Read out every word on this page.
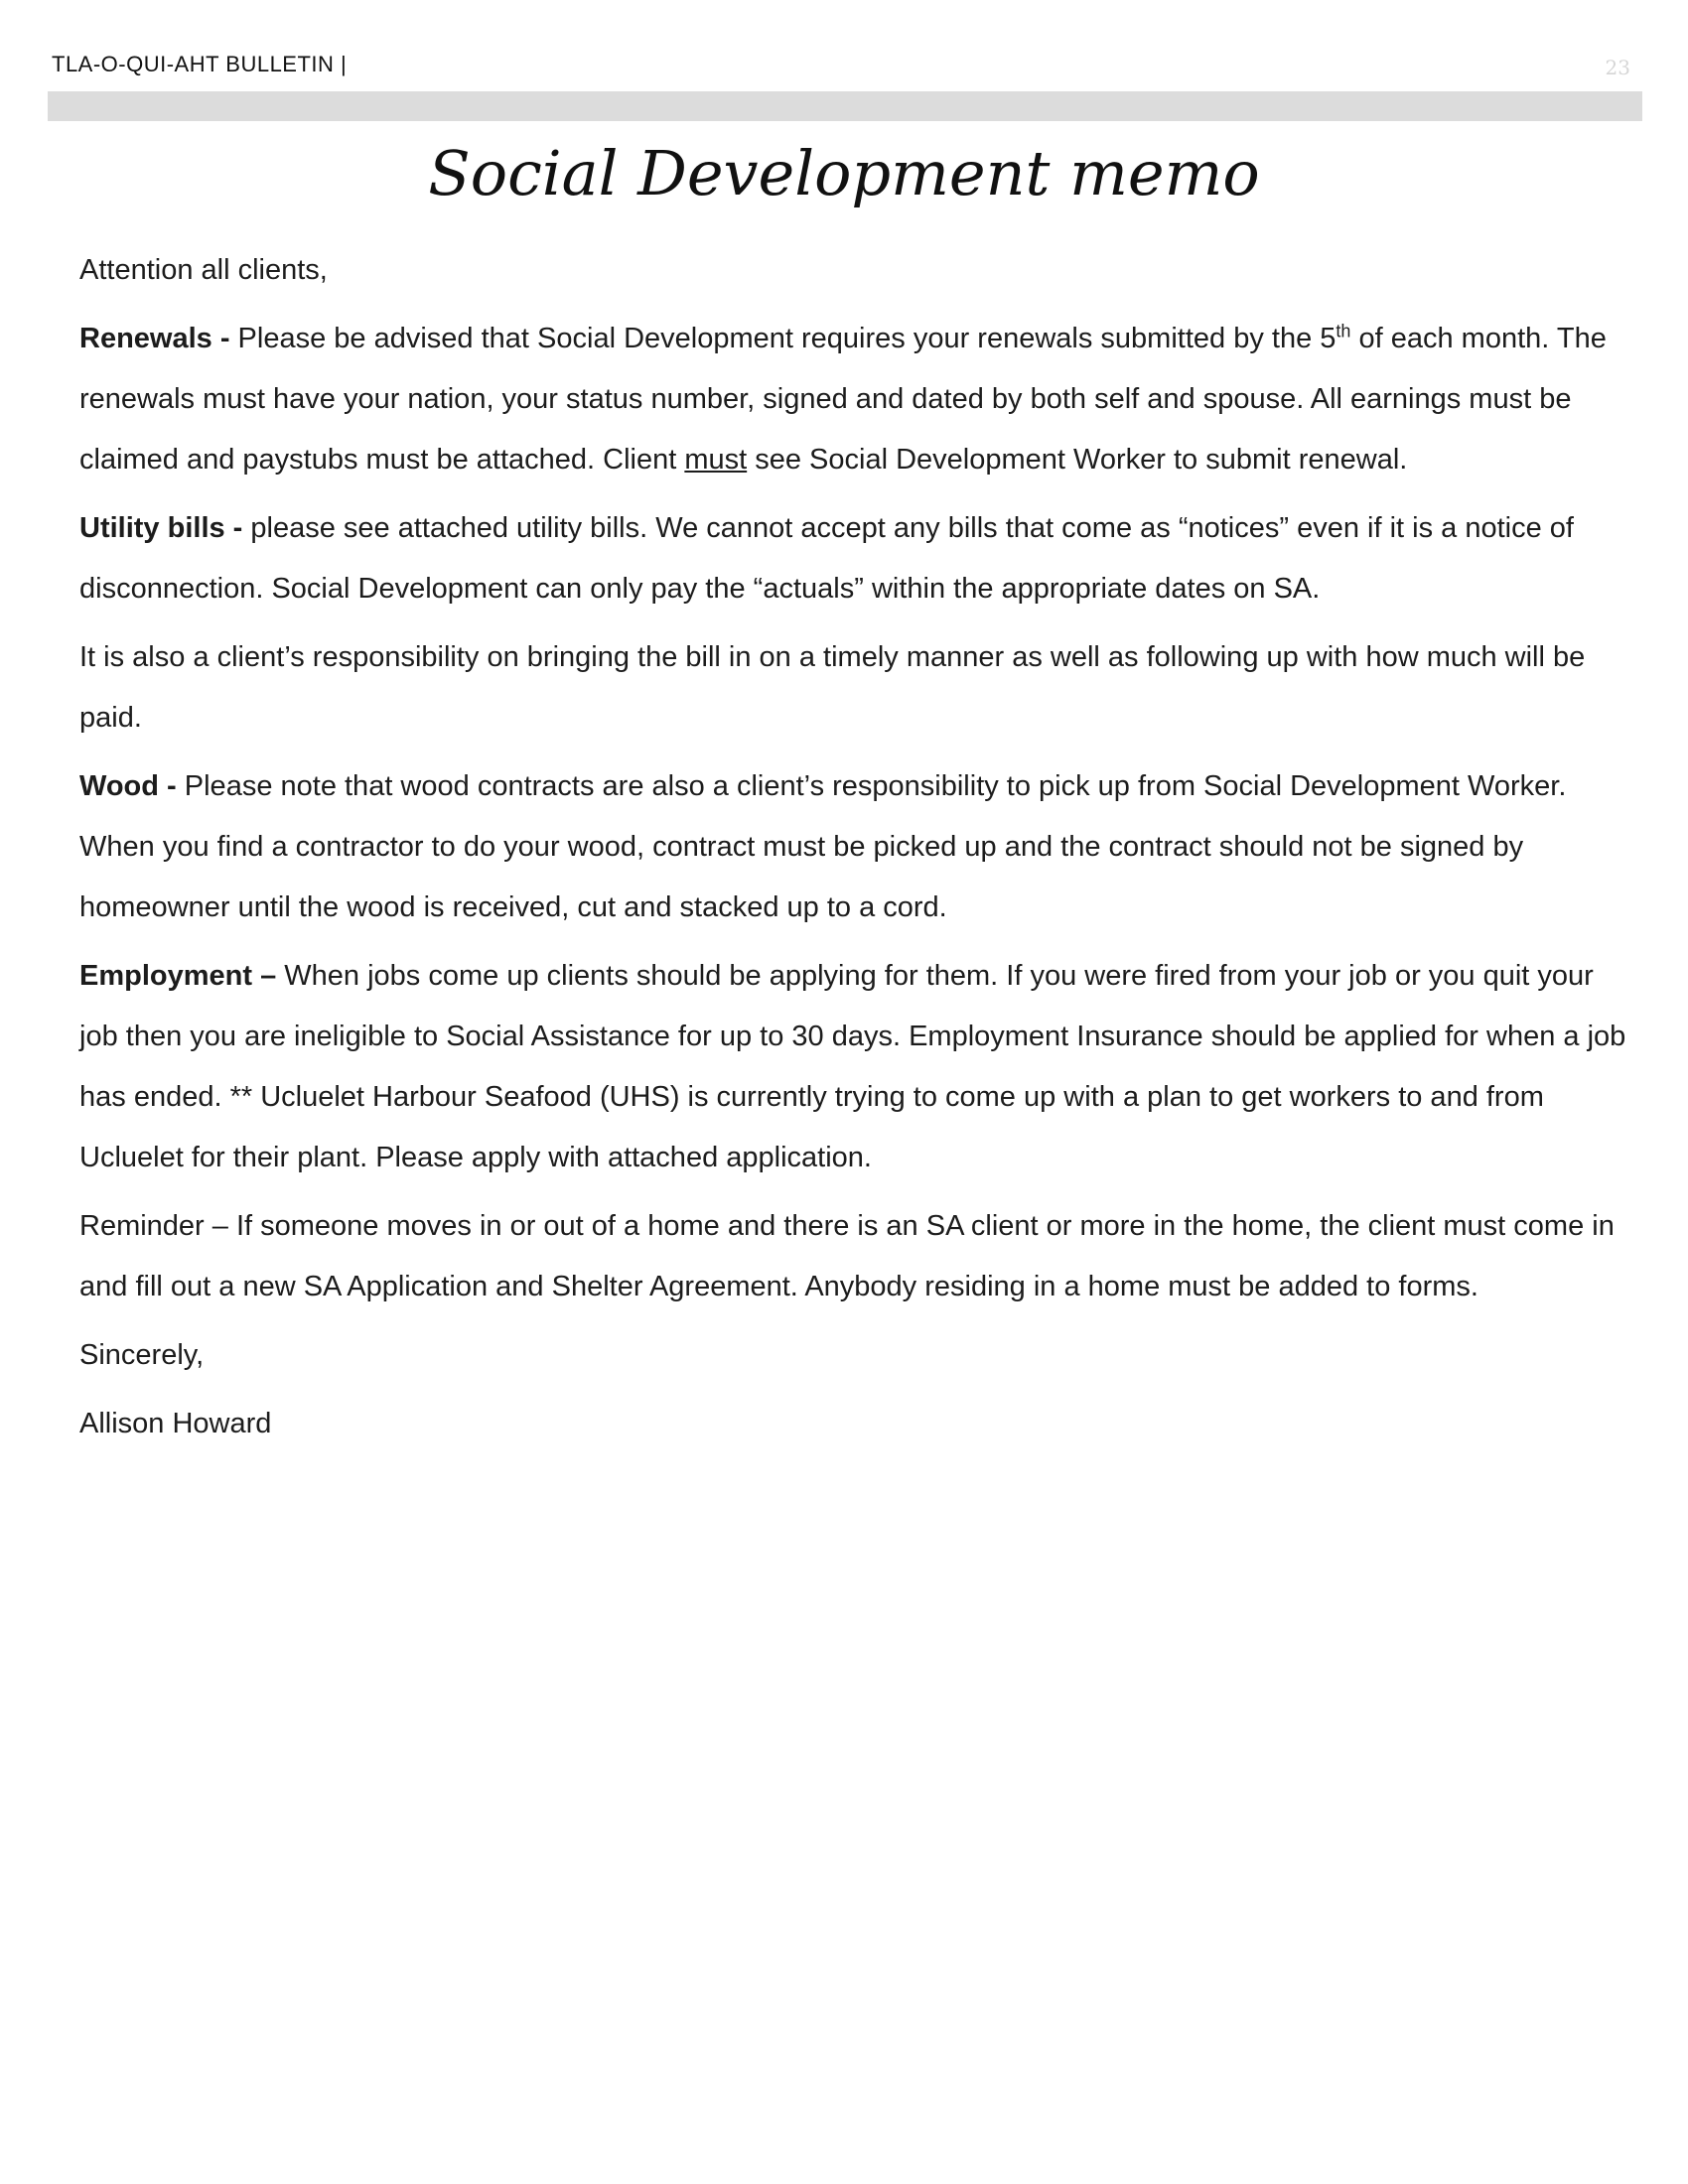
TLA-O-QUI-AHT BULLETIN |	23
Social Development memo

Attention all clients,

Renewals - Please be advised that Social Development requires your renewals submitted by the 5th of each month. The renewals must have your nation, your status number, signed and dated by both self and spouse. All earnings must be claimed and paystubs must be attached. Client must see Social Development Worker to submit renewal.

Utility bills - please see attached utility bills. We cannot accept any bills that come as “notices” even if it is a notice of disconnection. Social Development can only pay the “actuals” within the appropriate dates on SA.

It is also a client’s responsibility on bringing the bill in on a timely manner as well as following up with how much will be paid.

Wood - Please note that wood contracts are also a client’s responsibility to pick up from Social Development Worker. When you find a contractor to do your wood, contract must be picked up and the contract should not be signed by homeowner until the wood is received, cut and stacked up to a cord.

Employment – When jobs come up clients should be applying for them. If you were fired from your job or you quit your job then you are ineligible to Social Assistance for up to 30 days. Employment Insurance should be applied for when a job has ended. ** Ucluelet Harbour Seafood (UHS) is currently trying to come up with a plan to get workers to and from Ucluelet for their plant. Please apply with attached application.

Reminder – If someone moves in or out of a home and there is an SA client or more in the home, the client must come in and fill out a new SA Application and Shelter Agreement. Anybody residing in a home must be added to forms.

Sincerely,

Allison Howard
